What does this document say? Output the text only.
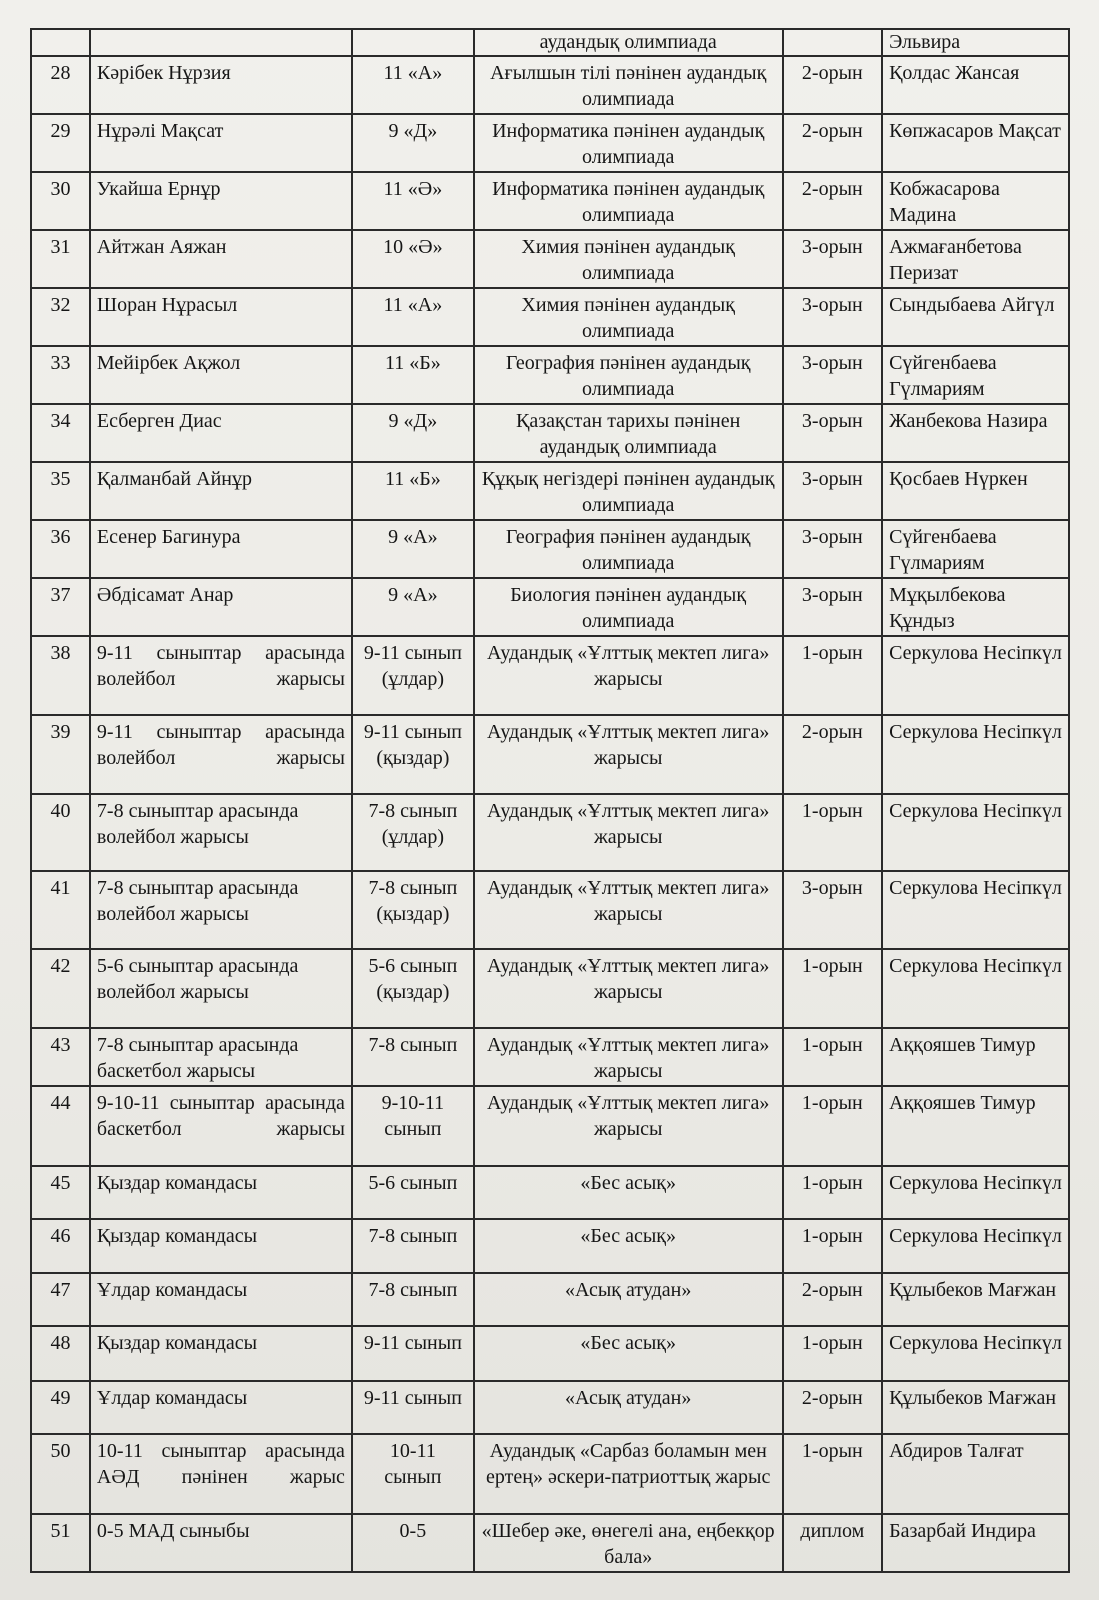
			аудандық олимпиада		Эльвира
28	Кәрібек Нұрзия	11 «А»	Ағылшын тілі пәнінен аудандық олимпиада	2-орын	Қолдас Жансая
29	Нұрәлі Мақсат	9 «Д»	Информатика пәнінен аудандық олимпиада	2-орын	Көпжасаров Мақсат
30	Укайша Ернұр	11 «Ә»	Информатика пәнінен аудандық олимпиада	2-орын	Кобжасарова Мадина
31	Айтжан Аяжан	10 «Ә»	Химия пәнінен аудандық олимпиада	3-орын	Ажмағанбетова Перизат
32	Шоран Нұрасыл	11 «А»	Химия пәнінен аудандық олимпиада	3-орын	Сындыбаева Айгүл
33	Мейірбек Ақжол	11 «Б»	География пәнінен аудандық олимпиада	3-орын	Сүйгенбаева Гүлмариям
34	Есберген Диас	9 «Д»	Қазақстан тарихы пәнінен аудандық олимпиада	3-орын	Жанбекова Назира
35	Қалманбай Айнұр	11 «Б»	Құқық негіздері пәнінен аудандық олимпиада	3-орын	Қосбаев Нүркен
36	Есенер Багинура	9 «А»	География пәнінен аудандық олимпиада	3-орын	Сүйгенбаева Гүлмариям
37	Әбдісамат Анар	9 «А»	Биология пәнінен аудандық олимпиада	3-орын	Мұқылбекова Құндыз
38	9-11 сыныптар арасында волейбол жарысы	9-11 сынып (ұлдар)	Аудандық «Ұлттық мектеп лига» жарысы	1-орын	Серкулова Несіпкүл
39	9-11 сыныптар арасында волейбол жарысы	9-11 сынып (қыздар)	Аудандық «Ұлттық мектеп лига» жарысы	2-орын	Серкулова Несіпкүл
40	7-8 сыныптар арасында волейбол жарысы	7-8 сынып (ұлдар)	Аудандық «Ұлттық мектеп лига» жарысы	1-орын	Серкулова Несіпкүл
41	7-8 сыныптар арасында волейбол жарысы	7-8 сынып (қыздар)	Аудандық «Ұлттық мектеп лига» жарысы	3-орын	Серкулова Несіпкүл
42	5-6 сыныптар арасында волейбол жарысы	5-6 сынып (қыздар)	Аудандық «Ұлттық мектеп лига» жарысы	1-орын	Серкулова Несіпкүл
43	7-8 сыныптар арасында баскетбол жарысы	7-8 сынып	Аудандық «Ұлттық мектеп лига» жарысы	1-орын	Аққояшев Тимур
44	9-10-11 сыныптар арасында баскетбол жарысы	9-10-11 сынып	Аудандық «Ұлттық мектеп лига» жарысы	1-орын	Аққояшев Тимур
45	Қыздар командасы	5-6 сынып	«Бес асық»	1-орын	Серкулова Несіпкүл
46	Қыздар командасы	7-8 сынып	«Бес асық»	1-орын	Серкулова Несіпкүл
47	Ұлдар командасы	7-8 сынып	«Асық атудан»	2-орын	Құлыбеков Мағжан
48	Қыздар командасы	9-11 сынып	«Бес асық»	1-орын	Серкулова Несіпкүл
49	Ұлдар командасы	9-11 сынып	«Асық атудан»	2-орын	Құлыбеков Мағжан
50	10-11 сыныптар арасында АӘД пәнінен жарыс	10-11 сынып	Аудандық «Сарбаз боламын мен ертең» әскери-патриоттық жарыс	1-орын	Абдиров Талғат
51	0-5 МАД сыныбы	0-5	«Шебер әке, өнегелі ана, еңбекқор бала»	диплом	Базарбай Индира
